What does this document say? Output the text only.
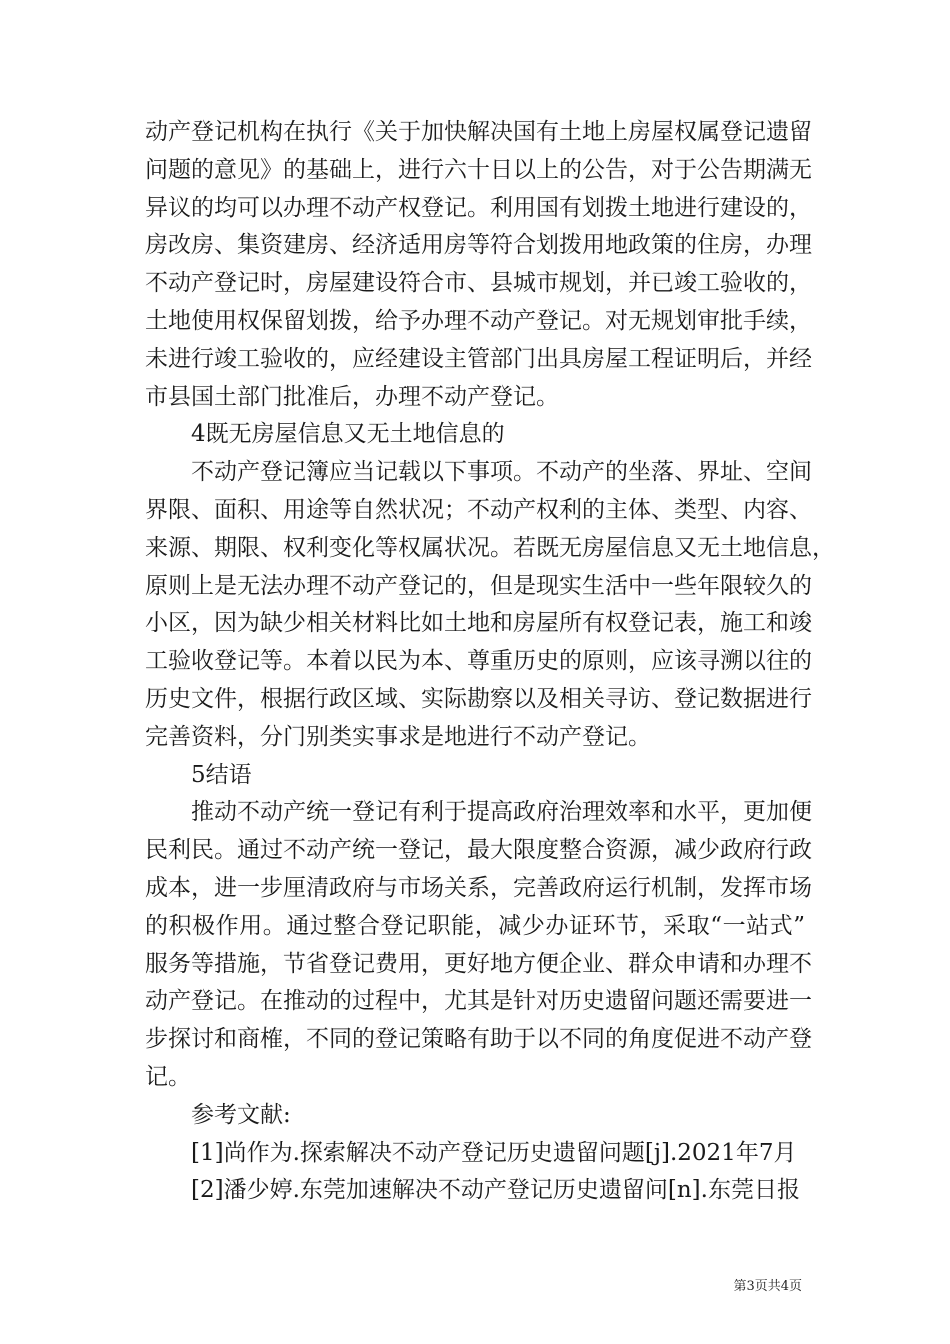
动产登记机构在执行《关于加快解决国有土地上房屋权属登记遗留
问题的意见》的基础上，进行六十日以上的公告，对于公告期满无
异议的均可以办理不动产权登记。利用国有划拨土地进行建设的，
房改房、集资建房、经济适用房等符合划拨用地政策的住房，办理
不动产登记时，房屋建设符合市、县城市规划，并已竣工验收的，
土地使用权保留划拨，给予办理不动产登记。对无规划审批手续，
未进行竣工验收的，应经建设主管部门出具房屋工程证明后，并经
市县国土部门批准后，办理不动产登记。
4既无房屋信息又无土地信息的
不动产登记簿应当记载以下事项。不动产的坐落、界址、空间
界限、面积、用途等自然状况；不动产权利的主体、类型、内容、
来源、期限、权利变化等权属状况。若既无房屋信息又无土地信息，
原则上是无法办理不动产登记的，但是现实生活中一些年限较久的
小区，因为缺少相关材料比如土地和房屋所有权登记表，施工和竣
工验收登记等。本着以民为本、尊重历史的原则，应该寻溯以往的
历史文件，根据行政区域、实际勘察以及相关寻访、登记数据进行
完善资料，分门别类实事求是地进行不动产登记。
5结语
推动不动产统一登记有利于提高政府治理效率和水平，更加便
民利民。通过不动产统一登记，最大限度整合资源，减少政府行政
成本，进一步厘清政府与市场关系，完善政府运行机制，发挥市场
的积极作用。通过整合登记职能，减少办证环节，采取“一站式”
服务等措施，节省登记费用，更好地方便企业、群众申请和办理不
动产登记。在推动的过程中，尤其是针对历史遗留问题还需要进一
步探讨和商榷，不同的登记策略有助于以不同的角度促进不动产登
记。
参考文献:
[1]尚作为.探索解决不动产登记历史遗留问题[j].2021年7月
[2]潘少婷.东莞加速解决不动产登记历史遗留问[n].东莞日报
第3页共4页
